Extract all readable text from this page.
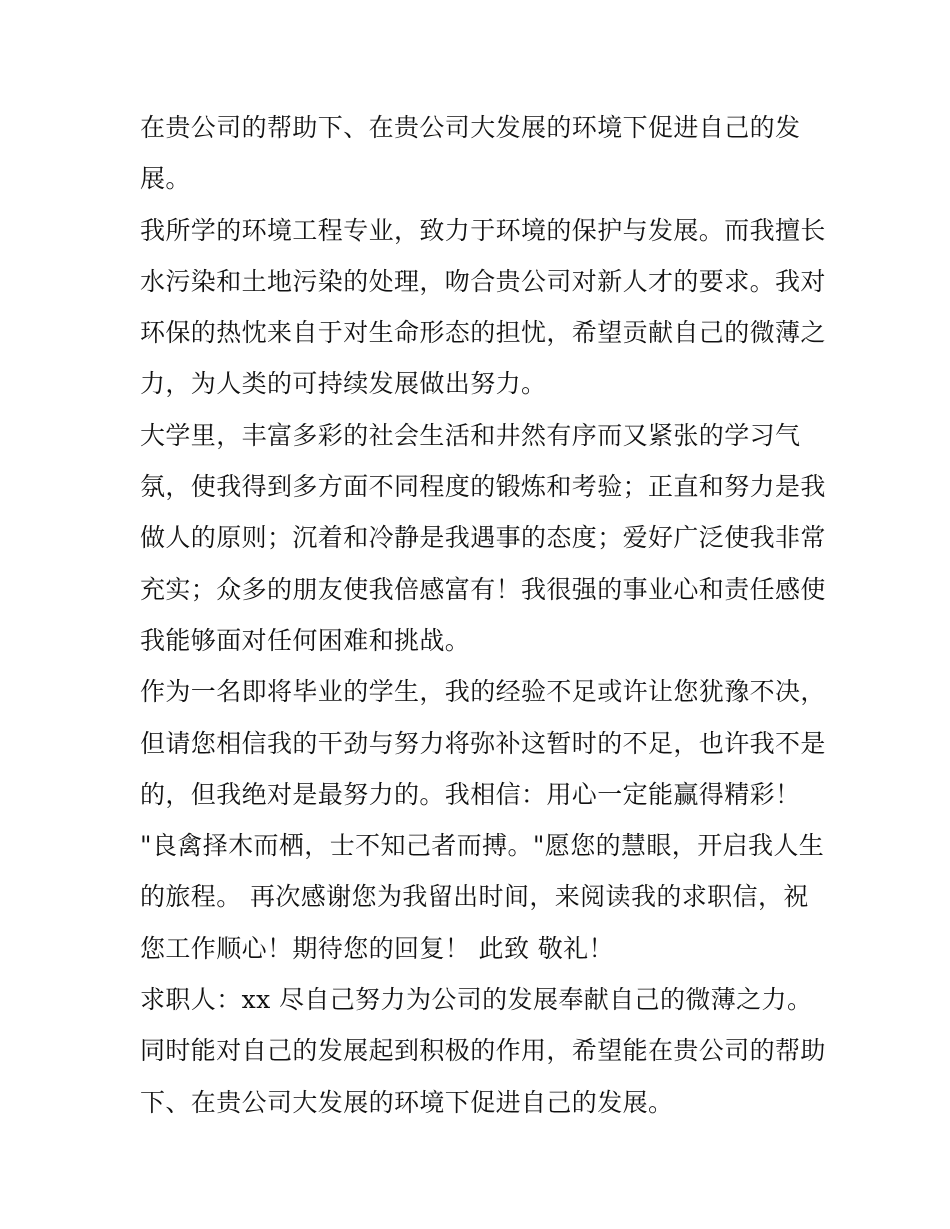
在贵公司的帮助下、在贵公司大发展的环境下促进自己的发
展。
我所学的环境工程专业，致力于环境的保护与发展。而我擅长
水污染和土地污染的处理，吻合贵公司对新人才的要求。我对
环保的热忱来自于对生命形态的担忧，希望贡献自己的微薄之
力，为人类的可持续发展做出努力。
大学里，丰富多彩的社会生活和井然有序而又紧张的学习气
氛，使我得到多方面不同程度的锻炼和考验；正直和努力是我
做人的原则；沉着和冷静是我遇事的态度；爱好广泛使我非常
充实；众多的朋友使我倍感富有！我很强的事业心和责任感使
我能够面对任何困难和挑战。
作为一名即将毕业的学生，我的经验不足或许让您犹豫不决，
但请您相信我的干劲与努力将弥补这暂时的不足，也许我不是
的，但我绝对是最努力的。我相信：用心一定能赢得精彩！
"良禽择木而栖，士不知己者而搏。"愿您的慧眼，开启我人生
的旅程。 再次感谢您为我留出时间，来阅读我的求职信，祝
您工作顺心！期待您的回复！ 此致 敬礼！
求职人：xx 尽自己努力为公司的发展奉献自己的微薄之力。
同时能对自己的发展起到积极的作用，希望能在贵公司的帮助
下、在贵公司大发展的环境下促进自己的发展。
